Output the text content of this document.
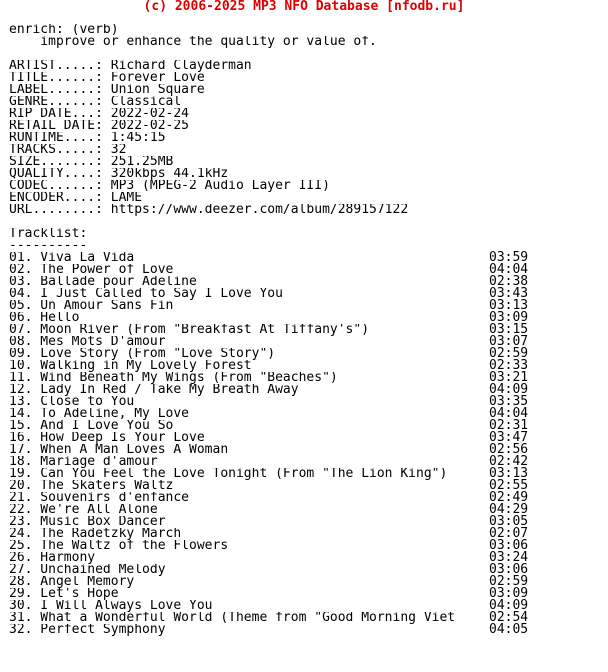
(c) 2006-2025 MP3 NFO Database [nfodb.ru]
enrich: (verb)
improve or enhance the quality or value of.
ARTIST.....: Richard Clayderman
TITLE......: Forever Love
LABEL......: Union Square
GENRE......: Classical
RIP DATE...: 2022-02-24
RETAIL DATE: 2022-02-25
RUNTIME....: 1:45:15
TRACKS.....: 32
SIZE.......: 251.25MB
QUALITY....: 320kbps 44.1kHz
CODEC......: MP3 (MPEG-2 Audio Layer III)
ENCODER....: LAME
URL........: https://www.deezer.com/album/289157122
Tracklist:
----------
01. Viva La Vida	03:59
02. The Power of Love	04:04
03. Ballade pour Adeline	02:38
04. I Just Called to Say I Love You	03:43
05. Un Amour Sans Fin	03:13
06. Hello	03:09
07. Moon River (From "Breakfast At Tiffany's")	03:15
08. Mes Mots D'amour	03:07
09. Love Story (From "Love Story")	02:59
10. Walking in My Lovely Forest	02:33
11. Wind Beneath My Wings (From "Beaches")	03:21
12. Lady In Red / Take My Breath Away	04:09
13. Close to You	03:35
14. To Adeline, My Love	04:04
15. And I Love You So	02:31
16. How Deep Is Your Love	03:47
17. When A Man Loves A Woman	02:56
18. Mariage d'amour	02:42
19. Can You Feel the Love Tonight (From "The Lion King")	03:13
20. The Skaters Waltz	02:55
21. Souvenirs d'enfance	02:49
22. We're All Alone	04:29
23. Music Box Dancer	03:05
24. The Radetzky March	02:07
25. The Waltz of the Flowers	03:06
26. Harmony	03:24
27. Unchained Melody	03:06
28. Angel Memory	02:59
29. Let's Hope	03:09
30. I Will Always Love You	04:09
31. What a Wonderful World (Theme from "Good Morning Viet	02:54
32. Perfect Symphony	04:05
